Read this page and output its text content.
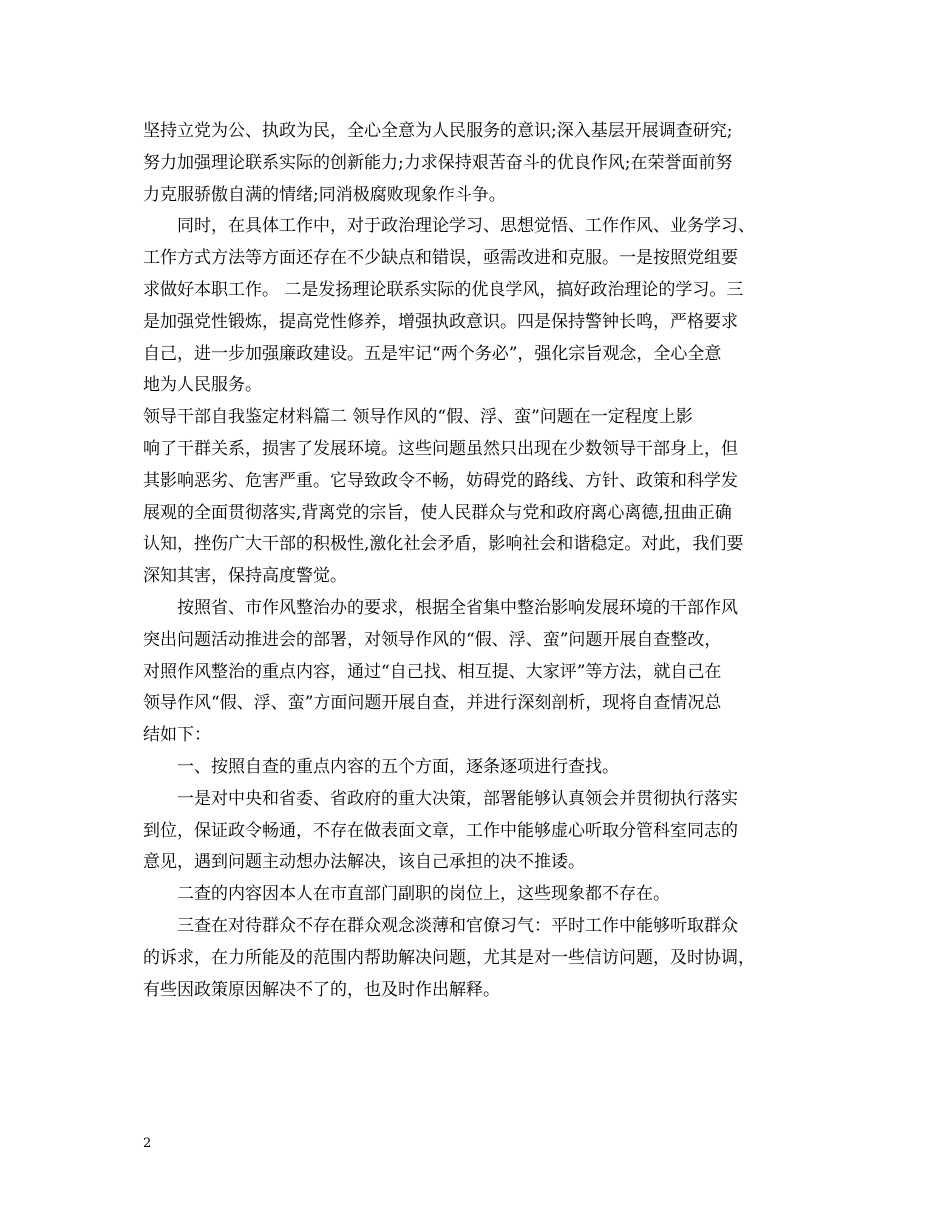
坚持立党为公、执政为民，全心全意为人民服务的意识;深入基层开展调查研究;
努力加强理论联系实际的创新能力;力求保持艰苦奋斗的优良作风;在荣誉面前努
力克服骄傲自满的情绪;同消极腐败现象作斗争。
同时，在具体工作中，对于政治理论学习、思想觉悟、工作作风、业务学习、
工作方式方法等方面还存在不少缺点和错误，亟需改进和克服。一是按照党组要
求做好本职工作。 二是发扬理论联系实际的优良学风，搞好政治理论的学习。三
是加强党性锻炼，提高党性修养，增强执政意识。四是保持警钟长鸣，严格要求
自己，进一步加强廉政建设。五是牢记“两个务必”，强化宗旨观念，全心全意
地为人民服务。
领导干部自我鉴定材料篇二 领导作风的“假、浮、蛮”问题在一定程度上影
响了干群关系，损害了发展环境。这些问题虽然只出现在少数领导干部身上，但
其影响恶劣、危害严重。它导致政令不畅，妨碍党的路线、方针、政策和科学发
展观的全面贯彻落实,背离党的宗旨，使人民群众与党和政府离心离德,扭曲正确
认知，挫伤广大干部的积极性,激化社会矛盾，影响社会和谐稳定。对此，我们要
深知其害，保持高度警觉。
按照省、市作风整治办的要求，根据全省集中整治影响发展环境的干部作风
突出问题活动推进会的部署，对领导作风的“假、浮、蛮”问题开展自查整改，
对照作风整治的重点内容，通过“自己找、相互提、大家评”等方法，就自己在
领导作风“假、浮、蛮”方面问题开展自查，并进行深刻剖析，现将自查情况总
结如下：
一、按照自查的重点内容的五个方面，逐条逐项进行查找。
一是对中央和省委、省政府的重大决策，部署能够认真领会并贯彻执行落实
到位，保证政令畅通，不存在做表面文章，工作中能够虚心听取分管科室同志的
意见，遇到问题主动想办法解决，该自己承担的决不推诿。
二查的内容因本人在市直部门副职的岗位上，这些现象都不存在。
三查在对待群众不存在群众观念淡薄和官僚习气：平时工作中能够听取群众
的诉求，在力所能及的范围内帮助解决问题，尤其是对一些信访问题，及时协调，
有些因政策原因解决不了的，也及时作出解释。
2
